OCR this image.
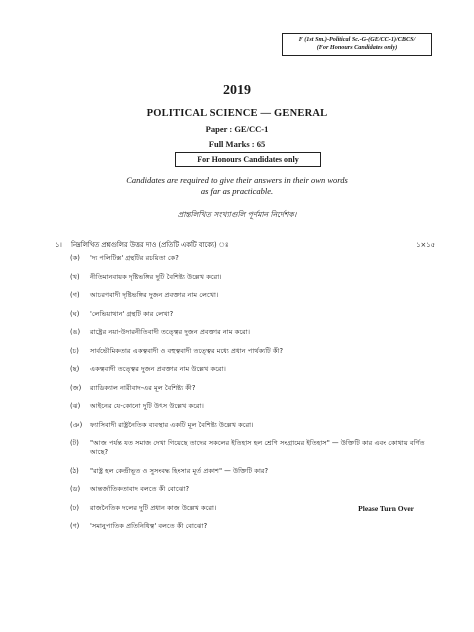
F (1st Sm.)-Political Sc.-G-(GE/CC-1)/CBCS/
(For Honours Candidates only)
2019
POLITICAL SCIENCE — GENERAL
Paper : GE/CC-1
Full Marks : 65
For Honours Candidates only
Candidates are required to give their answers in their own words
as far as practicable.
প্রান্তলিখিত সংখ্যাগুলি পূর্ণমান নির্দেশক।
১। নিম্নলিখিত প্রশ্নগুলির উত্তর দাও (প্রতিটি একটি বাক্যে) ঃ	১×১৫
(ক) 'দ্য পলিটিক্স' গ্রন্থটির রচয়িতা কে?
(খ) নীতিমানবায়ক দৃষ্টিভঙ্গির দুটি বৈশিষ্ট্য উল্লেখ করো।
(গ) আচরণবাদী দৃষ্টিভঙ্গির দুজন প্রবক্তার নাম লেখো।
(ঘ) 'লেভিয়াথান' গ্রন্থটি কার লেখা?
(ঙ) রাষ্ট্রের নয়া-উদারনীতিবাদী তত্ত্বের দুজন প্রবক্তার নাম করো।
(চ) সার্বভৌমিকতার একত্ববাদী ও বহুত্ববাদী তত্ত্বের মধ্যে প্রধান পার্থক্যটি কী?
(ছ) একত্ববাদী তত্ত্বের দুজন প্রবক্তার নাম উল্লেখ করো।
(জ) র‍্যাডিক্যাল নারীবাদ-এর মূল বৈশিষ্ট্য কী?
(ঝ) আইনের যে-কোনো দুটি উৎস উল্লেখ করো।
(ঞ) ফ্যাসিবাদী রাষ্ট্রনৈতিক ব্যবস্থার একটি মূল বৈশিষ্ট্য উল্লেখ করো।
(ট) "আজ পর্যন্ত যত সমাজ দেখা গিয়েছে তাদের সকলের ইতিহাস হল শ্রেণি সংগ্রামের ইতিহাস" — উক্তিটি কার এবং কোথায় বর্ণিত আছে?
(ঠ) "রাষ্ট্র হল কেন্দ্রীভূত ও সুসংবদ্ধ হিংসার মূর্ত প্রকাশ" — উক্তিটি কার?
(ড) আন্তর্জাতিকতাবাদ বলতে কী বোঝো?
(ঢ) রাজনৈতিক দলের দুটি প্রধান কাজ উল্লেখ করো।
(ণ) 'সমানুপাতিক প্রতিনিধিত্ব' বলতে কী বোঝো?
Please Turn Over
